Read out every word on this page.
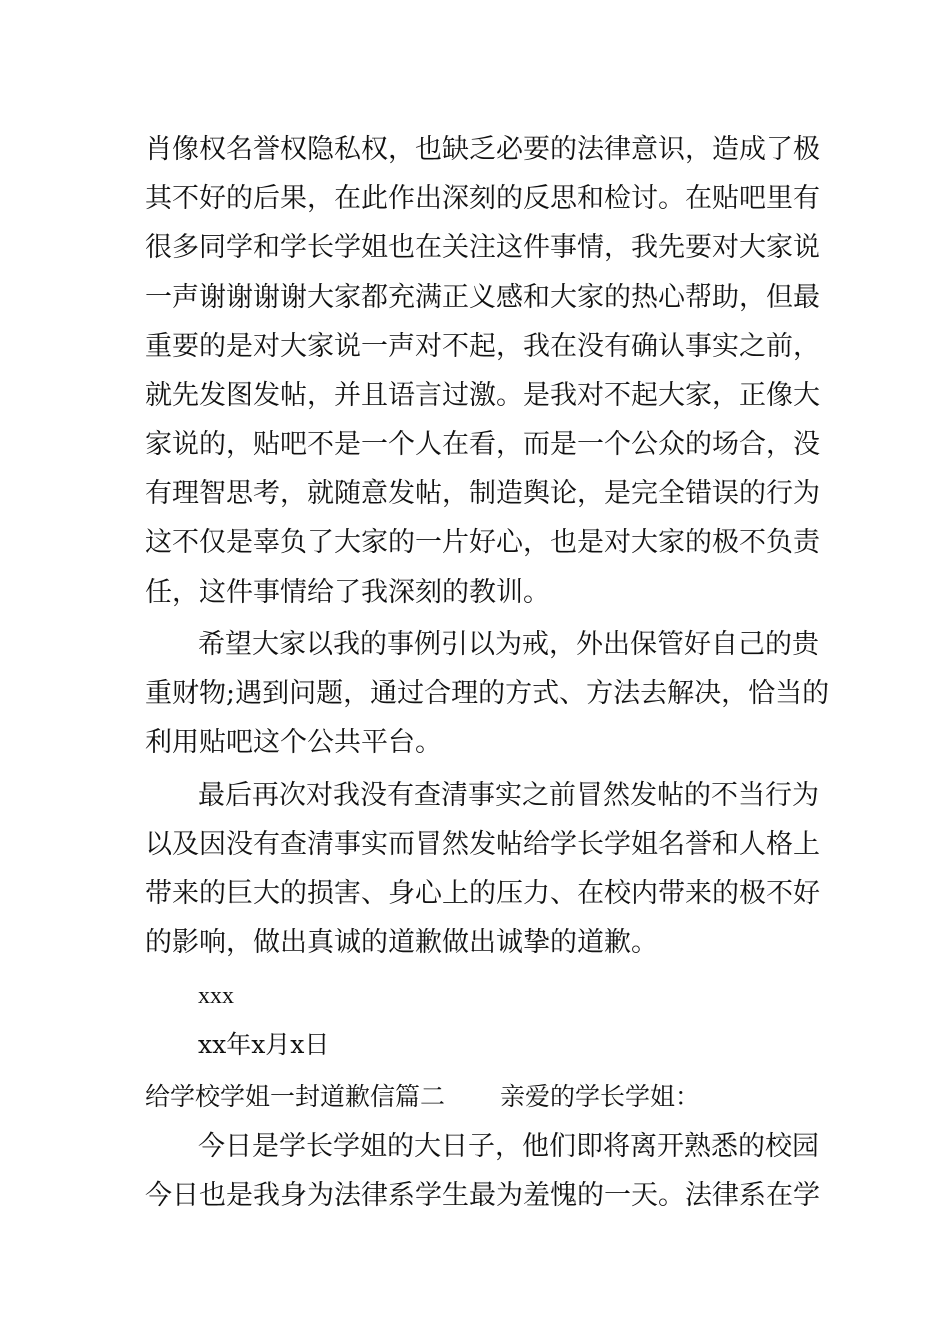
肖像权名誉权隐私权，也缺乏必要的法律意识，造成了极
其不好的后果，在此作出深刻的反思和检讨。在贴吧里有
很多同学和学长学姐也在关注这件事情，我先要对大家说
一声谢谢谢谢大家都充满正义感和大家的热心帮助，但最
重要的是对大家说一声对不起，我在没有确认事实之前，
就先发图发帖，并且语言过激。是我对不起大家，正像大
家说的，贴吧不是一个人在看，而是一个公众的场合，没
有理智思考，就随意发帖，制造舆论，是完全错误的行为
这不仅是辜负了大家的一片好心，也是对大家的极不负责
任，这件事情给了我深刻的教训。
希望大家以我的事例引以为戒，外出保管好自己的贵
重财物;遇到问题，通过合理的方式、方法去解决，恰当的
利用贴吧这个公共平台。
最后再次对我没有查清事实之前冒然发帖的不当行为
以及因没有查清事实而冒然发帖给学长学姐名誉和人格上
带来的巨大的损害、身心上的压力、在校内带来的极不好
的影响，做出真诚的道歉做出诚挚的道歉。
xxx
xx年x月x日
给学校学姐一封道歉信篇二 亲爱的学长学姐：
今日是学长学姐的大日子，他们即将离开熟悉的校园
今日也是我身为法律系学生最为羞愧的一天。法律系在学
